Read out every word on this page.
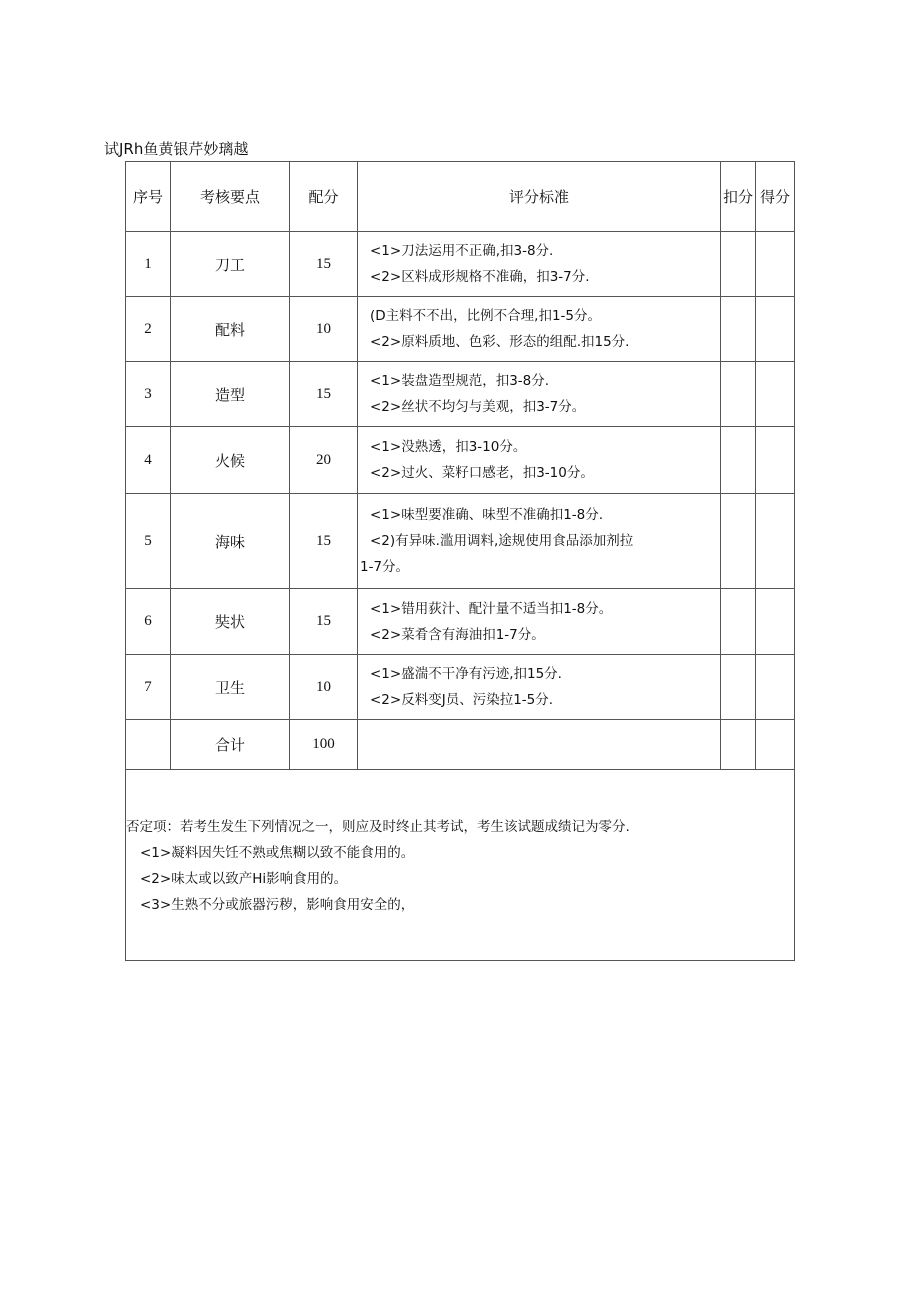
试JRh鱼黄银芹妙璃越
序号	考核要点	配分	评分标准	扣分	得分
1	刀工	15	<1>刀法运用不正确,扣3-8分.
<2>区料成形规格不准确，扣3-7分.		

2	配料	10	(D主料不不出，比例不合理,扣1-5分。
<2>原料质地、色彩、形态的组配.扣15分.		

3	造型	15	<1>装盘造型规范，扣3-8分.
<2>丝状不均匀与美观，扣3-7分。		

4	火候	20	<1>没熟透，扣3-10分。
<2>过火、菜籽口感老，扣3-10分。		

5	海味	15	<1>味型要准确、味型不准确扣1-8分.
<2)有异味.滥用调料,途规使用食品添加剂拉
1-7分。		

6	奘状	15	<1>错用荻汁、配汁量不适当扣1-8分。
<2>菜肴含有海油扣1-7分。		

7	卫生	10	<1>盛湍不干净有污迹,扣15分.
<2>反料变J员、污染拉1-5分.		

	合计	100			

否定项：若考生发生下列情况之一，则应及时终止其考试，考生该试题成绩记为零分.
<1>凝料因失饪不熟或焦糊以致不能食用的。
<2>味太或以致产Hi影响食用的。
<3>生熟不分或旅器污秽，影响食用安全的，					
